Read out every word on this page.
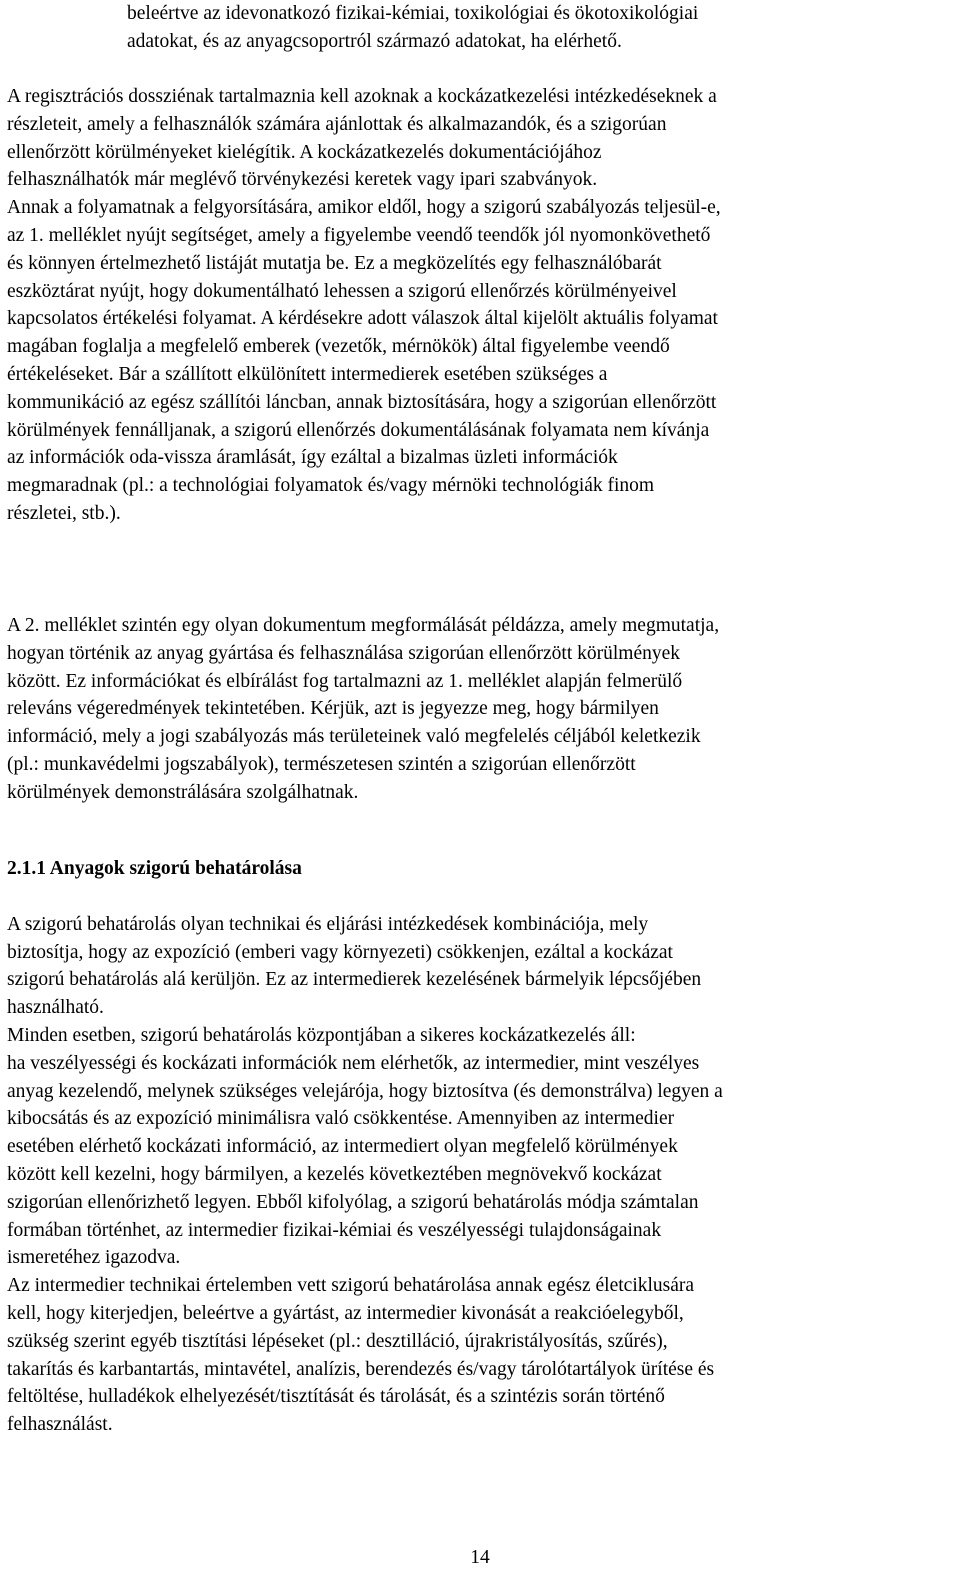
beleértve az idevonatkozó fizikai-kémiai, toxikológiai és ökotoxikológiai
adatokat, és az anyagcsoportról származó adatokat, ha elérhető.
A regisztrációs dossziénak tartalmaznia kell azoknak a kockázatkezelési intézkedéseknek a
részleteit, amely a felhasználók számára ajánlottak és alkalmazandók, és a szigorúan
ellenőrzött körülményeket kielégítik. A kockázatkezelés dokumentációjához
felhasználhatók már meglévő törvénykezési keretek vagy ipari szabványok.
Annak a folyamatnak a felgyorsítására, amikor eldől, hogy a szigorú szabályozás teljesül-e,
az 1. melléklet nyújt segítséget, amely a figyelembe veendő teendők jól nyomonkövethető
és könnyen értelmezhető listáját mutatja be. Ez a megközelítés egy felhasználóbarát
eszköztárat nyújt, hogy dokumentálható lehessen a szigorú ellenőrzés körülményeivel
kapcsolatos értékelési folyamat. A kérdésekre adott válaszok által kijelölt aktuális folyamat
magában foglalja a megfelelő emberek (vezetők, mérnökök) által figyelembe veendő
értékeléseket. Bár a szállított elkülönített intermedierek esetében szükséges a
kommunikáció az egész szállítói láncban, annak biztosítására, hogy a szigorúan ellenőrzött
körülmények fennálljanak, a szigorú ellenőrzés dokumentálásának folyamata nem kívánja
az információk oda-vissza áramlását, így ezáltal a bizalmas üzleti információk
megmaradnak (pl.: a technológiai folyamatok és/vagy mérnöki technológiák finom
részletei, stb.).
A 2. melléklet szintén egy olyan dokumentum megformálását példázza, amely megmutatja,
hogyan történik az anyag gyártása és felhasználása szigorúan ellenőrzött körülmények
között. Ez információkat és elbírálást fog tartalmazni az 1. melléklet alapján felmerülő
releváns végeredmények tekintetében. Kérjük, azt is jegyezze meg, hogy bármilyen
információ, mely a jogi szabályozás más területeinek való megfelelés céljából keletkezik
(pl.: munkavédelmi jogszabályok), természetesen szintén a szigorúan ellenőrzött
körülmények demonstrálására szolgálhatnak.
2.1.1 Anyagok szigorú behatárolása
A szigorú behatárolás olyan technikai és eljárási intézkedések kombinációja, mely
biztosítja, hogy az expozíció (emberi vagy környezeti) csökkenjen, ezáltal a kockázat
szigorú behatárolás alá kerüljön. Ez az intermedierek kezelésének bármelyik lépcsőjében
használható.
Minden esetben, szigorú behatárolás központjában a sikeres kockázatkezelés áll:
ha veszélyességi és kockázati információk nem elérhetők, az intermedier, mint veszélyes
anyag kezelendő, melynek szükséges velejárója, hogy biztosítva (és demonstrálva) legyen a
kibocsátás és az expozíció minimálisra való csökkentése. Amennyiben az intermedier
esetében elérhető kockázati információ, az intermediert olyan megfelelő körülmények
között kell kezelni, hogy bármilyen, a kezelés következtében megnövekvő kockázat
szigorúan ellenőrizhető legyen. Ebből kifolyólag, a szigorú behatárolás módja számtalan
formában történhet, az intermedier fizikai-kémiai és veszélyességi tulajdonságainak
ismeretéhez igazodva.
Az intermedier technikai értelemben vett szigorú behatárolása annak egész életciklusára
kell, hogy kiterjedjen, beleértve a gyártást, az intermedier kivonását a reakcióelegyből,
szükség szerint egyéb tisztítási lépéseket (pl.: desztilláció, újrakristályosítás, szűrés),
takarítás és karbantartás, mintavétel, analízis, berendezés és/vagy tárolótartályok ürítése és
feltöltése, hulladékok elhelyezését/tisztítását és tárolását, és a szintézis során történő
felhasználást.
14
